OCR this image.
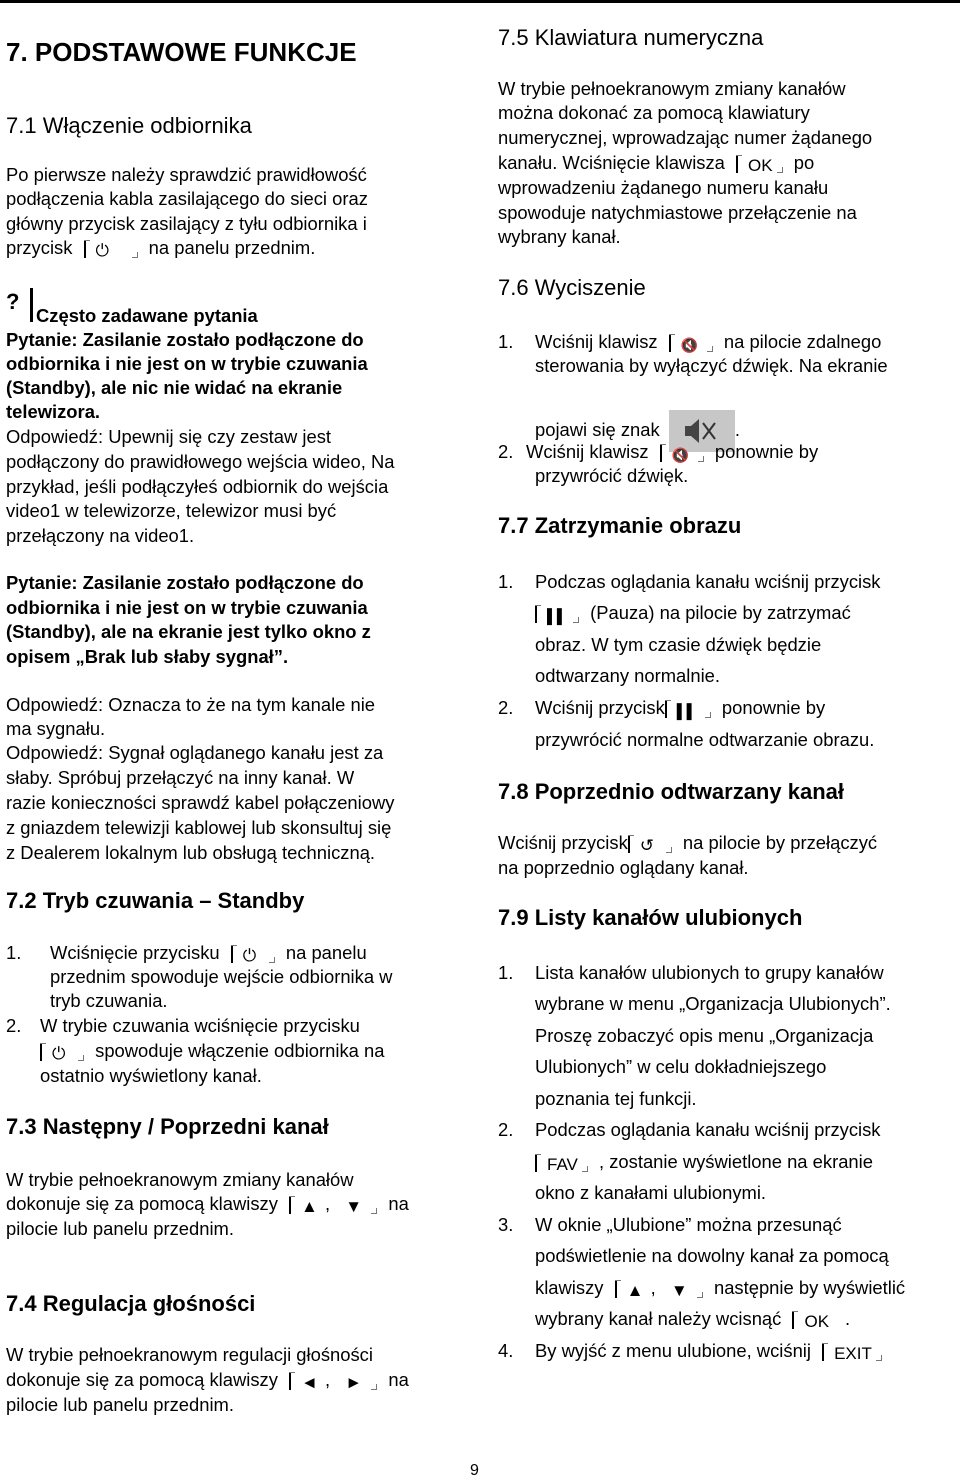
7. PODSTAWOWE FUNKCJE
7.1 Włączenie odbiornika
Po pierwsze należy sprawdzić prawidłowość
podłączenia kabla zasilającego do sieci oraz
główny przycisk zasilający z tyłu odbiornika i
przycisk ⏻ na panelu przednim.
?
Często zadawane pytania
Pytanie: Zasilanie zostało podłączone do
odbiornika i nie jest on w trybie czuwania
(Standby), ale nic nie widać na ekranie
telewizora.
Odpowiedź: Upewnij się czy zestaw jest
podłączony do prawidłowego wejścia wideo, Na
przykład, jeśli podłączyłeś odbiornik do wejścia
video1 w telewizorze, telewizor musi być
przełączony na video1.
Pytanie: Zasilanie zostało podłączone do
odbiornika i nie jest on w trybie czuwania
(Standby), ale na ekranie jest tylko okno z
opisem „Brak lub słaby sygnał”.
Odpowiedź: Oznacza to że na tym kanale nie
ma sygnału.
Odpowiedź: Sygnał oglądanego kanału jest za
słaby. Spróbuj przełączyć na inny kanał. W
razie konieczności sprawdź kabel połączeniowy
z gniazdem telewizji kablowej lub skonsultuj się
z Dealerem lokalnym lub obsługą techniczną.
7.2 Tryb czuwania – Standby
1. Wciśnięcie przycisku ⏻ na panelu
przednim spowoduje wejście odbiornika w
tryb czuwania.
2. W trybie czuwania wciśnięcie przycisku
⏻ spowoduje włączenie odbiornika na
ostatnio wyświetlony kanał.
7.3 Następny / Poprzedni kanał
W trybie pełnoekranowym zmiany kanałów
dokonuje się za pomocą klawiszy ▲ , ▼ na
pilocie lub panelu przednim.
7.4 Regulacja głośności
W trybie pełnoekranowym regulacji głośności
dokonuje się za pomocą klawiszy ◄ , ► na
pilocie lub panelu przednim.
7.5 Klawiatura numeryczna
W trybie pełnoekranowym zmiany kanałów
można dokonać za pomocą klawiatury
numerycznej, wprowadzając numer żądanego
kanału. Wciśnięcie klawisza OK po
wprowadzeniu żądanego numeru kanału
spowoduje natychmiastowe przełączenie na
wybrany kanał.
7.6 Wyciszenie
1. Wciśnij klawisz 🔇 na pilocie zdalnego
sterowania by wyłączyć dźwięk. Na ekranie
pojawi się znak	.
2. Wciśnij klawisz 🔇 ponownie by
przywrócić dźwięk.
7.7 Zatrzymanie obrazu
1. Podczas oglądania kanału wciśnij przycisk
▌▌ (Pauza) na pilocie by zatrzymać
obraz. W tym czasie dźwięk będzie
odtwarzany normalnie.
2. Wciśnij przycisk ▌▌ ponownie by
przywrócić normalne odtwarzanie obrazu.
7.8 Poprzednio odtwarzany kanał
Wciśnij przycisk ↺ na pilocie by przełączyć
na poprzednio oglądany kanał.
7.9 Listy kanałów ulubionych
1. Lista kanałów ulubionych to grupy kanałów
wybrane w menu „Organizacja Ulubionych”.
Proszę zobaczyć opis menu „Organizacja
Ulubionych” w celu dokładniejszego
poznania tej funkcji.
2. Podczas oglądania kanału wciśnij przycisk
FAV , zostanie wyświetlone na ekranie
okno z kanałami ulubionymi.
3. W oknie „Ulubione” można przesunąć
podświetlenie na dowolny kanał za pomocą
klawiszy ▲ , ▼ następnie by wyświetlić
wybrany kanał należy wcisnąć OK .
4. By wyjść z menu ulubione, wciśnij EXIT
9
